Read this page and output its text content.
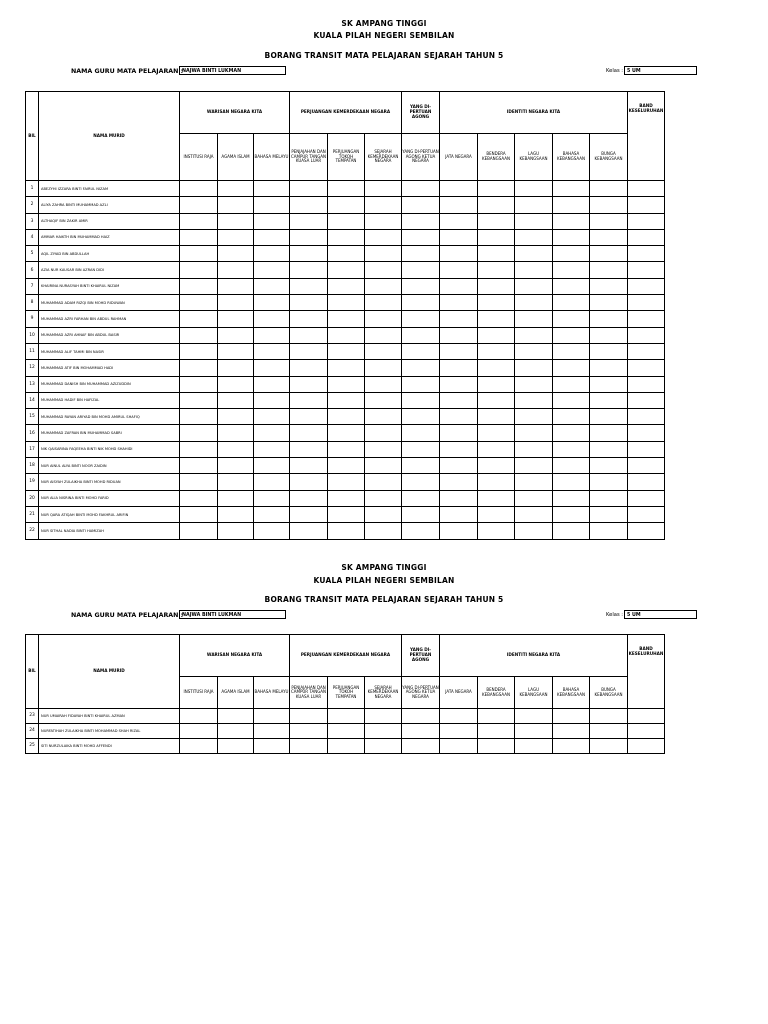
SK AMPANG TINGGI
KUALA PILAH NEGERI SEMBILAN
BORANG TRANSIT MATA PELAJARAN SEJARAH TAHUN 5
NAMA GURU MATA PELAJARAN :
NAJWA BINTI LUKMAN	Kelas : 5 UM
BIL	NAMA MURID	WARISAN NEGARA KITA			PERJUANGAN KEMERDEKAAN NEGARA			YANG DI-PERTUAN AGONG	IDENTITI NEGARA KITA					BAND KESELURUHAN
		INSTITUSI RAJA	AGAMA ISLAM	BAHASA MELAYU	PENJAJAHAN DAN CAMPUR TANGAN KUASA LUAR	PERJUANGAN TOKOH TEMPATAN	SEJARAH KEMERDEKAAN NEGARA	YANG DI-PERTUAN AGONG KETUA NEGARA	JATA NEGARA	BENDERA KEBANGSAAN	LAGU KEBANGSAAN	BAHASA KEBANGSAAN	BUNGA KEBANGSAAN	
1	ABEZYHI IZZARA BINTI FAIRUL NIZAM													
2	ALIYA ZAHRA BINTI MUHAMMAD AZLI													
3	ALTHAQIF BIN ZAKIR AMIR													
4	AMMAR HAIKTH BIN MUHAMMAD HAIZ													
5	AQIL ZIYAD BIN ABDULLAH													
6	AZIA NUR KAUSAR BIN AZRAN DIDI													
7	KHAIRINA NURASYAH BINTI KHAIRUL NIZAM													
8	MUHAMMAD ADAM RIZQI BIN MOHD RIDUWAN													
9	MUHAMMAD AZRI FARHAN BIN ABDUL RAHMAN													
10	MUHAMMAD AZRI AHNAF BIN ABDUL BASIR													
11	MUHAMMAD ALIF TAHMI BIN NASIR													
12	MUHAMMAD ATIF BIN MOHAMMAD HADI													
13	MUHAMMAD DANISH BIN MUHAMMAD AZIZUDDIN													
14	MUHAMMAD HADIF BIN HAFIZAL													
15	MUHAMMAD RAYAN ARIYAD BIN MOHD AMIRUL SHAFIQ													
16	MUHAMMAD ZAFRAN BIN MUHAMMAD SABRI													
17	NIK QAISARINA FAQEEHA BINTI NIK MOHD SHAHIDI													
18	NUR AINUL ALYA BINTI NOOR ZAIDIN													
19	NUR AISYAH ZULAIKHA BINTI MOHD RIDUAN													
20	NUR ALIA NISRINA BINTI MOHD FARID													
21	NUR QARA ATIQAH BINTI MOHD FAKHRUL ARIFIN													
22	NUR SITHAL NADIA BINTI HAMIZAH													
SK AMPANG TINGGI
KUALA PILAH NEGERI SEMBILAN
BORANG TRANSIT MATA PELAJARAN SEJARAH TAHUN 5
NAMA GURU MATA PELAJARAN :
NAJWA BINTI LUKMAN	Kelas : 5 UM
BIL	NAMA MURID	WARISAN NEGARA KITA			PERJUANGAN KEMERDEKAAN NEGARA			YANG DI-PERTUAN AGONG	IDENTITI NEGARA KITA					BAND KESELURUHAN
		INSTITUSI RAJA	AGAMA ISLAM	BAHASA MELAYU	PENJAJAHAN DAN CAMPUR TANGAN KUASA LUAR	PERJUANGAN TOKOH TEMPATAN	SEJARAH KEMERDEKAAN NEGARA	YANG DI-PERTUAN AGONG KETUA NEGARA	JATA NEGARA	BENDERA KEBANGSAAN	LAGU KEBANGSAAN	BAHASA KEBANGSAAN	BUNGA KEBANGSAAN	
23	NUR UMAIRAH FIDAYAH BINTI KHAIRUL AZMAN													
24	NURFATIHAH ZULAIKHA BINTI MOHAMMAD SHAH RIZAL													
25	SITI NURZULAIKA BINTI MOHD AFFENDI													
